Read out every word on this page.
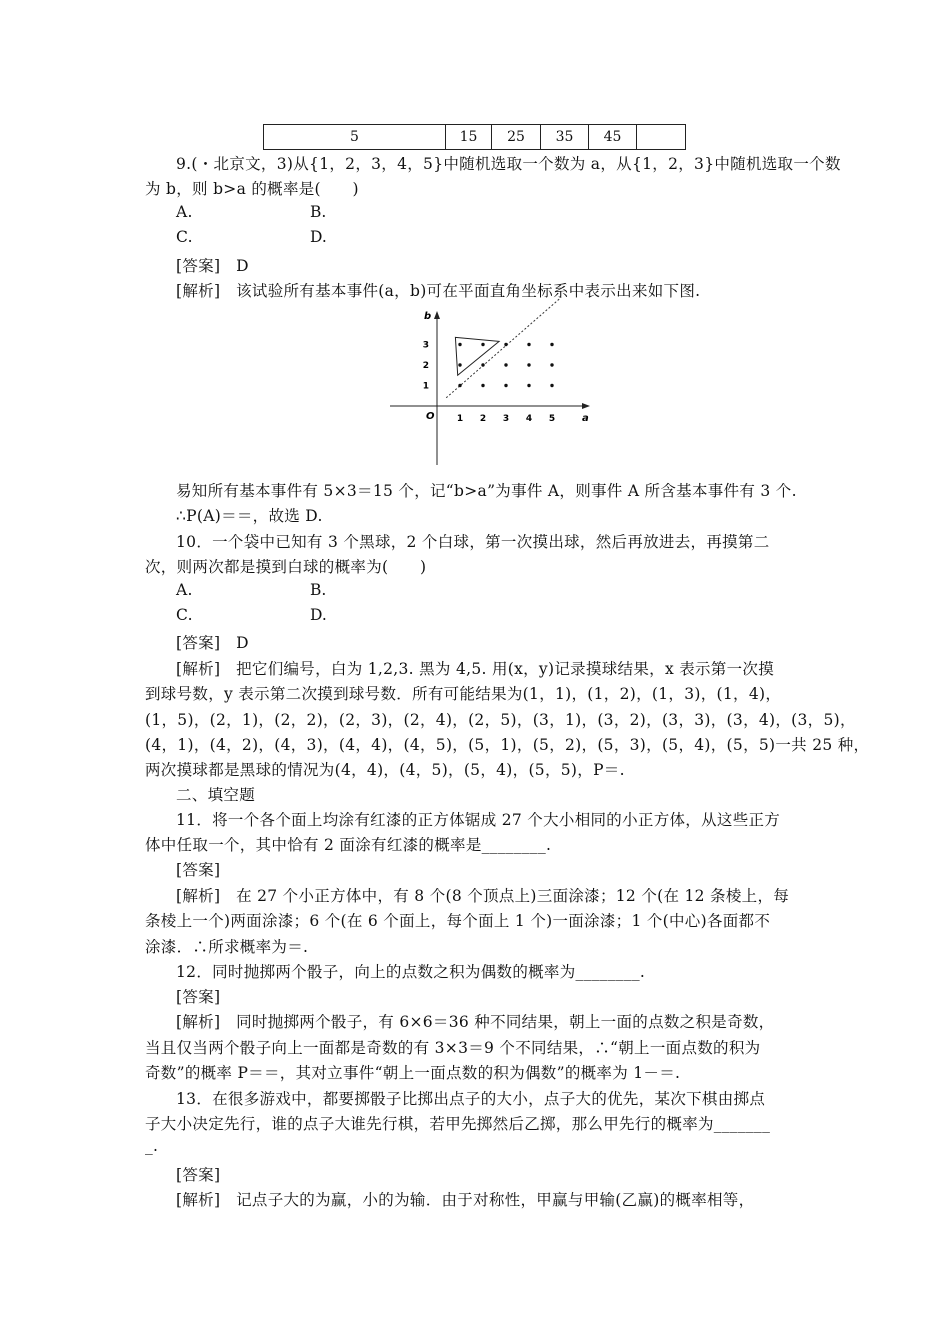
5	15	25	35	45	
9.(・北京文，3)从{1，2，3，4，5}中随机选取一个数为 a，从{1，2，3}中随机选取一个数
为 b，则 b>a 的概率是(　　)
A.	B.
C.	D.
[答案]　D
[解析]　该试验所有基本事件(a，b)可在平面直角坐标系中表示出来如下图.
a
b
O 1 2 3 4 5
1
2
3
易知所有基本事件有 5×3＝15 个，记“b>a”为事件 A，则事件 A 所含基本事件有 3 个.
∴P(A)＝＝，故选 D.
10．一个袋中已知有 3 个黑球，2 个白球，第一次摸出球，然后再放进去，再摸第二
次，则两次都是摸到白球的概率为(　　)
A.	B.
C.	D.
[答案]　D
[解析]　把它们编号，白为 1,2,3. 黑为 4,5. 用(x，y)记录摸球结果，x 表示第一次摸
到球号数，y 表示第二次摸到球号数．所有可能结果为(1，1)，(1，2)，(1，3)，(1，4)，
(1，5)，(2，1)，(2，2)，(2，3)，(2，4)，(2，5)，(3，1)，(3，2)，(3，3)，(3，4)，(3，5)，
(4，1)，(4，2)，(4，3)，(4，4)，(4，5)，(5，1)，(5，2)，(5，3)，(5，4)，(5，5)一共 25 种，
两次摸球都是黑球的情况为(4，4)，(4，5)，(5，4)，(5，5)，P＝.
二、填空题
11．将一个各个面上均涂有红漆的正方体锯成 27 个大小相同的小正方体，从这些正方
体中任取一个，其中恰有 2 面涂有红漆的概率是________.
[答案]
[解析]　在 27 个小正方体中，有 8 个(8 个顶点上)三面涂漆；12 个(在 12 条棱上，每
条棱上一个)两面涂漆；6 个(在 6 个面上，每个面上 1 个)一面涂漆；1 个(中心)各面都不
涂漆．∴所求概率为＝.
12．同时抛掷两个骰子，向上的点数之积为偶数的概率为________.
[答案]
[解析]　同时抛掷两个骰子，有 6×6＝36 种不同结果，朝上一面的点数之积是奇数，
当且仅当两个骰子向上一面都是奇数的有 3×3＝9 个不同结果，∴“朝上一面点数的积为
奇数”的概率 P＝＝，其对立事件“朝上一面点数的积为偶数”的概率为 1－＝.
13．在很多游戏中，都要掷骰子比掷出点子的大小，点子大的优先，某次下棋由掷点
子大小决定先行，谁的点子大谁先行棋，若甲先掷然后乙掷，那么甲先行的概率为_______
_.
[答案]
[解析]　记点子大的为赢，小的为输．由于对称性，甲赢与甲输(乙赢)的概率相等，
